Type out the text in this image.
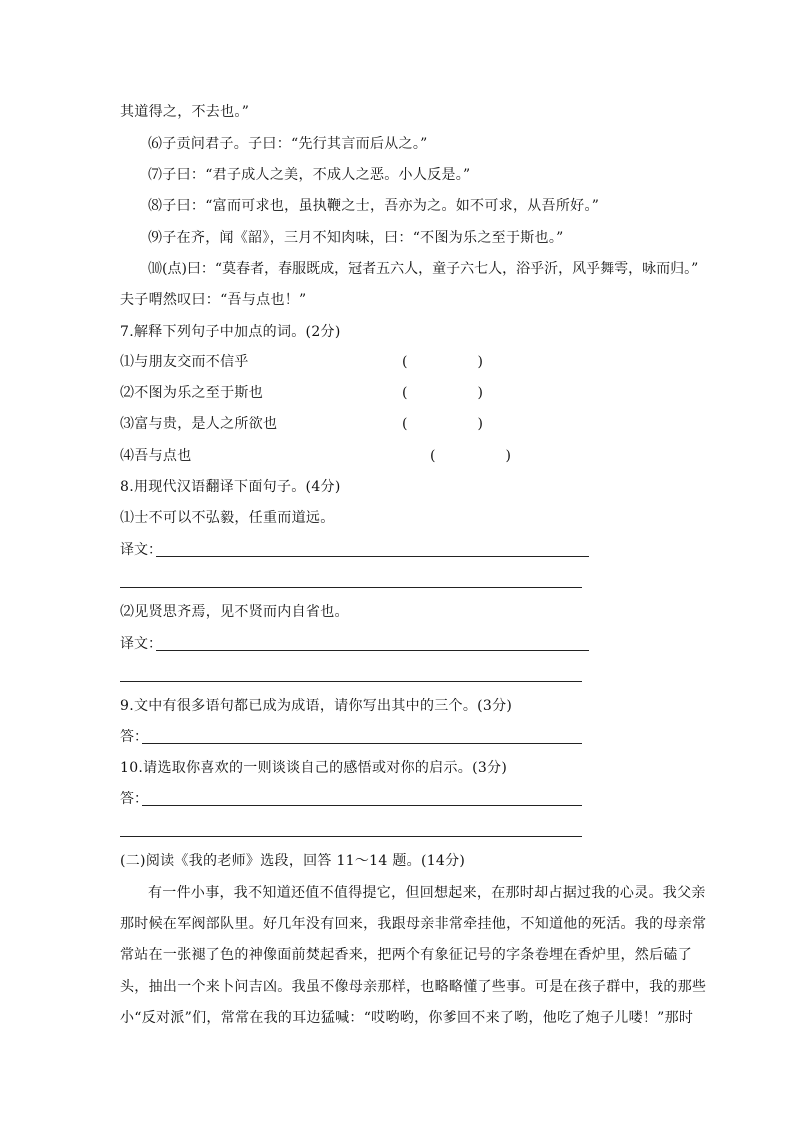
其道得之，不去也。”
⑹子贡问君子。子曰：“先行其言而后从之。”
⑺子曰：“君子成人之美，不成人之恶。小人反是。”
⑻子曰：“富而可求也，虽执鞭之士，吾亦为之。如不可求，从吾所好。”
⑼子在齐，闻《韶》，三月不知肉味，曰：“不图为乐之至于斯也。”
⑽(点)曰：“莫春者，春服既成，冠者五六人，童子六七人，浴乎沂，风乎舞雩，咏而归。”
夫子喟然叹曰：“吾与点也！”
7.解释下列句子中加点的词。(2分)
⑴与朋友交而不信乎	(　　　　　)
⑵不图为乐之至于斯也	(　　　　　)
⑶富与贵，是人之所欲也	(　　　　　)
⑷吾与点也	(　　　　　)
8.用现代汉语翻译下面句子。(4分)
⑴士不可以不弘毅，任重而道远。
译文：
⑵见贤思齐焉，见不贤而内自省也。
译文：
9.文中有很多语句都已成为成语，请你写出其中的三个。(3分)
答：
10.请选取你喜欢的一则谈谈自己的感悟或对你的启示。(3分)
答：
(二)阅读《我的老师》选段，回答 11～14 题。(14分)
有一件小事，我不知道还值不值得提它，但回想起来，在那时却占据过我的心灵。我父亲
那时候在军阀部队里。好几年没有回来，我跟母亲非常牵挂他，不知道他的死活。我的母亲常
常站在一张褪了色的神像面前焚起香来，把两个有象征记号的字条卷埋在香炉里，然后磕了
头，抽出一个来卜问吉凶。我虽不像母亲那样，也略略懂了些事。可是在孩子群中，我的那些
小“反对派”们，常常在我的耳边猛喊：“哎哟哟，你爹回不来了哟，他吃了炮子儿喽！”那时
